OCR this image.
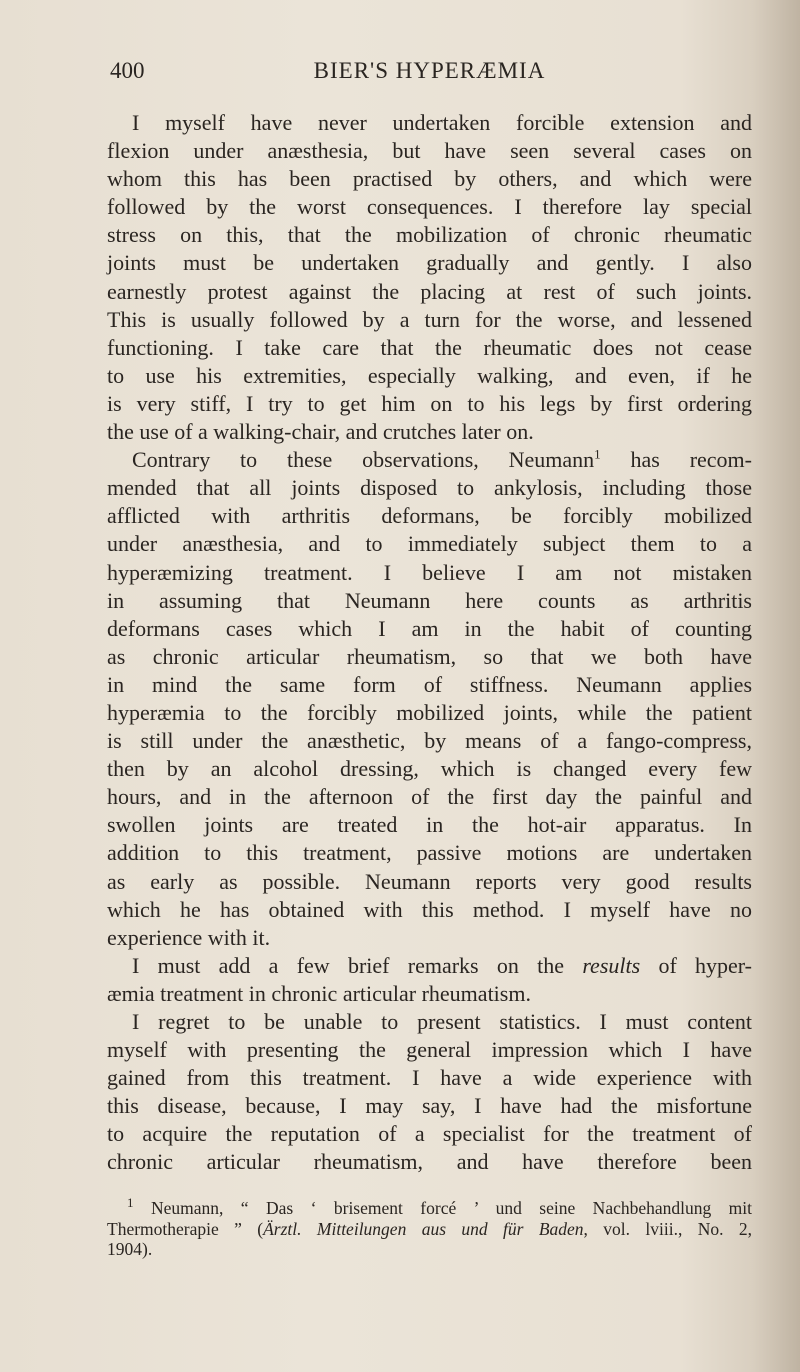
400	BIER'S HYPERÆMIA
I myself have never undertaken forcible extension and
flexion under anæsthesia, but have seen several cases on
whom this has been practised by others, and which were
followed by the worst consequences. I therefore lay special
stress on this, that the mobilization of chronic rheumatic
joints must be undertaken gradually and gently. I also
earnestly protest against the placing at rest of such joints.
This is usually followed by a turn for the worse, and lessened
functioning. I take care that the rheumatic does not cease
to use his extremities, especially walking, and even, if he
is very stiff, I try to get him on to his legs by first ordering
the use of a walking-chair, and crutches later on.
Contrary to these observations, Neumann$^1$ has recom-
mended that all joints disposed to ankylosis, including those
afflicted with arthritis deformans, be forcibly mobilized
under anæsthesia, and to immediately subject them to a
hyperæmizing treatment. I believe I am not mistaken
in assuming that Neumann here counts as arthritis
deformans cases which I am in the habit of counting
as chronic articular rheumatism, so that we both have
in mind the same form of stiffness. Neumann applies
hyperæmia to the forcibly mobilized joints, while the patient
is still under the anæsthetic, by means of a fango-compress,
then by an alcohol dressing, which is changed every few
hours, and in the afternoon of the first day the painful and
swollen joints are treated in the hot-air apparatus. In
addition to this treatment, passive motions are undertaken
as early as possible. Neumann reports very good results
which he has obtained with this method. I myself have no
experience with it.
I must add a few brief remarks on the results of hyper-
æmia treatment in chronic articular rheumatism.
I regret to be unable to present statistics. I must content
myself with presenting the general impression which I have
gained from this treatment. I have a wide experience with
this disease, because, I may say, I have had the misfortune
to acquire the reputation of a specialist for the treatment of
chronic articular rheumatism, and have therefore been
$^1$ Neumann, “ Das ‘ brisement forcé ’ und seine Nachbehandlung mit
Thermotherapie ” (Ärztl. Mitteilungen aus und für Baden, vol. lviii., No. 2,
1904).
